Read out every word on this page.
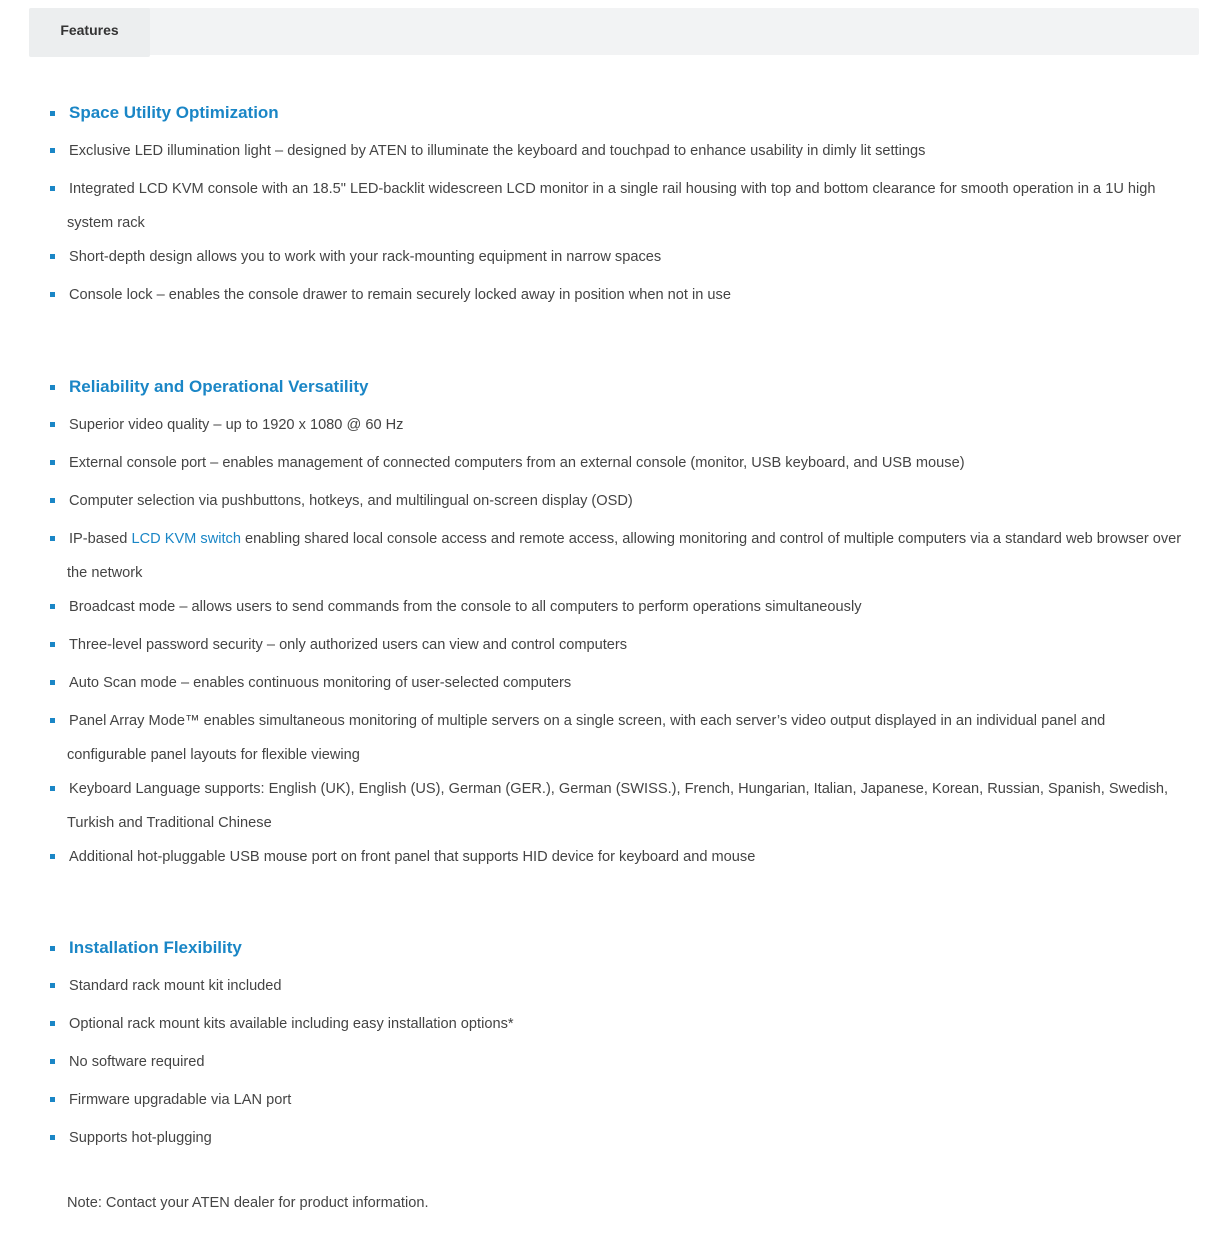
Features
Space Utility Optimization
Exclusive LED illumination light – designed by ATEN to illuminate the keyboard and touchpad to enhance usability in dimly lit settings
Integrated LCD KVM console with an 18.5" LED-backlit widescreen LCD monitor in a single rail housing with top and bottom clearance for smooth operation in a 1U high system rack
Short-depth design allows you to work with your rack-mounting equipment in narrow spaces
Console lock – enables the console drawer to remain securely locked away in position when not in use
Reliability and Operational Versatility
Superior video quality – up to 1920 x 1080 @ 60 Hz
External console port – enables management of connected computers from an external console (monitor, USB keyboard, and USB mouse)
Computer selection via pushbuttons, hotkeys, and multilingual on-screen display (OSD)
IP-based LCD KVM switch enabling shared local console access and remote access, allowing monitoring and control of multiple computers via a standard web browser over the network
Broadcast mode – allows users to send commands from the console to all computers to perform operations simultaneously
Three-level password security – only authorized users can view and control computers
Auto Scan mode – enables continuous monitoring of user-selected computers
Panel Array Mode™ enables simultaneous monitoring of multiple servers on a single screen, with each server’s video output displayed in an individual panel and configurable panel layouts for flexible viewing
Keyboard Language supports: English (UK), English (US), German (GER.), German (SWISS.), French, Hungarian, Italian, Japanese, Korean, Russian, Spanish, Swedish, Turkish and Traditional Chinese
Additional hot-pluggable USB mouse port on front panel that supports HID device for keyboard and mouse
Installation Flexibility
Standard rack mount kit included
Optional rack mount kits available including easy installation options*
No software required
Firmware upgradable via LAN port
Supports hot-plugging
Note: Contact your ATEN dealer for product information.
